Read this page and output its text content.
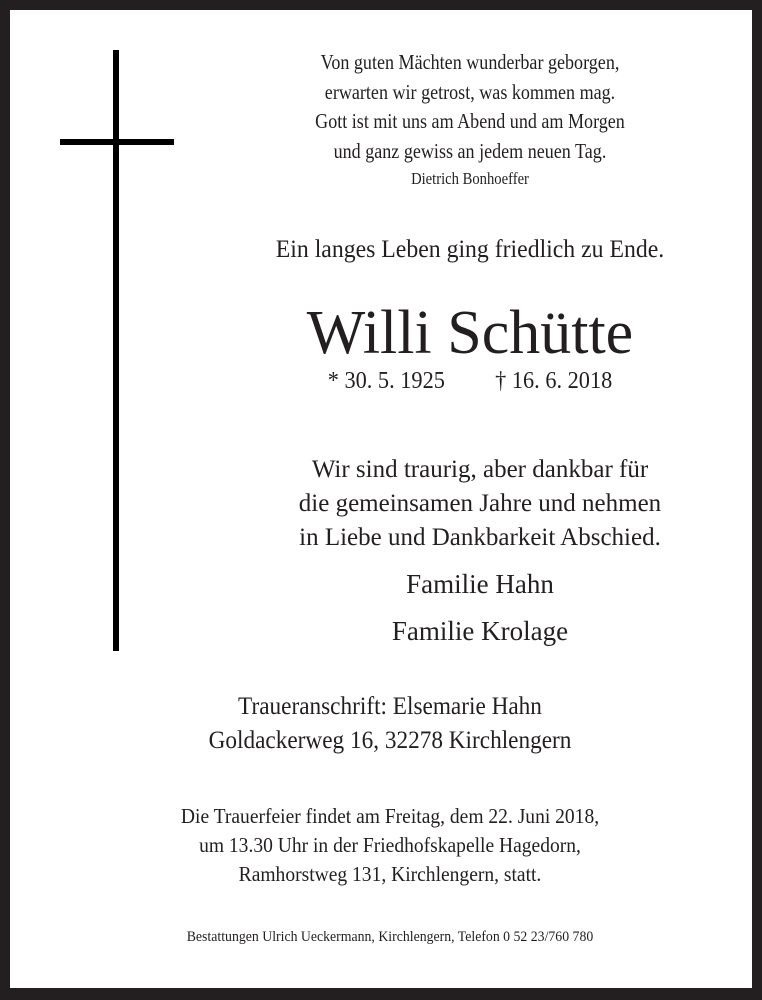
Von guten Mächten wunderbar geborgen,
erwarten wir getrost, was kommen mag.
Gott ist mit uns am Abend und am Morgen
und ganz gewiss an jedem neuen Tag.
Dietrich Bonhoeffer
Ein langes Leben ging friedlich zu Ende.
Willi Schütte
* 30. 5. 1925 † 16. 6. 2018
Wir sind traurig, aber dankbar für
die gemeinsamen Jahre und nehmen
in Liebe und Dankbarkeit Abschied.
Familie Hahn
Familie Krolage
Traueranschrift: Elsemarie Hahn
Goldackerweg 16, 32278 Kirchlengern
Die Trauerfeier findet am Freitag, dem 22. Juni 2018,
um 13.30 Uhr in der Friedhofskapelle Hagedorn,
Ramhorstweg 131, Kirchlengern, statt.
Bestattungen Ulrich Ueckermann, Kirchlengern, Telefon 0 52 23/760 780
